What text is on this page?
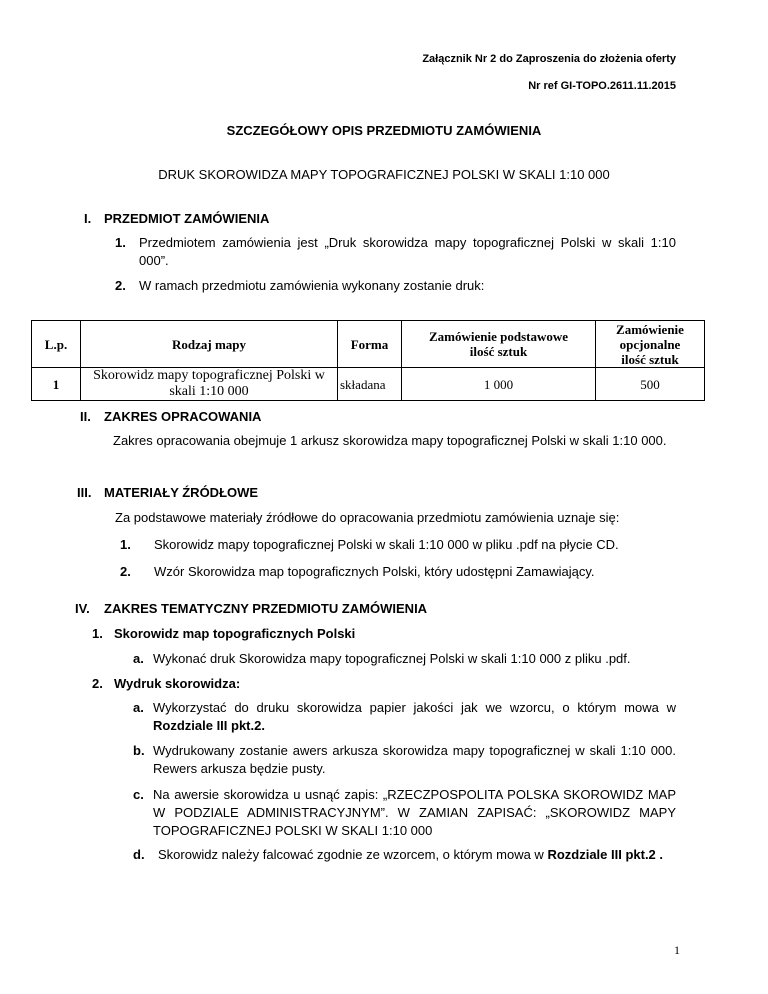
Załącznik Nr 2 do Zaproszenia do złożenia oferty
Nr ref GI-TOPO.2611.11.2015
SZCZEGÓŁOWY OPIS PRZEDMIOTU ZAMÓWIENIA
DRUK SKOROWIDZA MAPY TOPOGRAFICZNEJ POLSKI W SKALI 1:10 000
I. PRZEDMIOT ZAMÓWIENIA
1. Przedmiotem zamówienia jest „Druk skorowidza mapy topograficznej Polski w skali 1:10 000”.
2. W ramach przedmiotu zamówienia wykonany zostanie druk:
L.p.	Rodzaj mapy	Forma	Zamówienie podstawowe ilość sztuk	Zamówienie opcjonalne ilość sztuk
1	Skorowidz mapy topograficznej Polski w skali 1:10 000	składana	1 000	500
II. ZAKRES OPRACOWANIA
Zakres opracowania obejmuje 1 arkusz skorowidza mapy topograficznej Polski w skali 1:10 000.
III. MATERIAŁY ŹRÓDŁOWE
Za podstawowe materiały źródłowe do opracowania przedmiotu zamówienia uznaje się:
1. Skorowidz mapy topograficznej Polski w skali 1:10 000 w pliku .pdf na płycie CD.
2. Wzór Skorowidza map topograficznych Polski, który udostępni Zamawiający.
IV. ZAKRES TEMATYCZNY PRZEDMIOTU ZAMÓWIENIA
1. Skorowidz map topograficznych Polski
a. Wykonać druk Skorowidza mapy topograficznej Polski w skali 1:10 000 z pliku .pdf.
2. Wydruk skorowidza:
a. Wykorzystać do druku skorowidza papier jakości jak we wzorcu, o którym mowa w Rozdziale III pkt.2.
b. Wydrukowany zostanie awers arkusza skorowidza mapy topograficznej w skali 1:10 000. Rewers arkusza będzie pusty.
c. Na awersie skorowidza u usnąć zapis: „RZECZPOSPOLITA POLSKA SKOROWIDZ MAP W PODZIALE ADMINISTRACYJNYM”. W ZAMIAN ZAPISAĆ: „SKOROWIDZ MAPY TOPOGRAFICZNEJ POLSKI W SKALI 1:10 000
d. Skorowidz należy falcować zgodnie ze wzorcem, o którym mowa w Rozdziale III pkt.2 .
1
